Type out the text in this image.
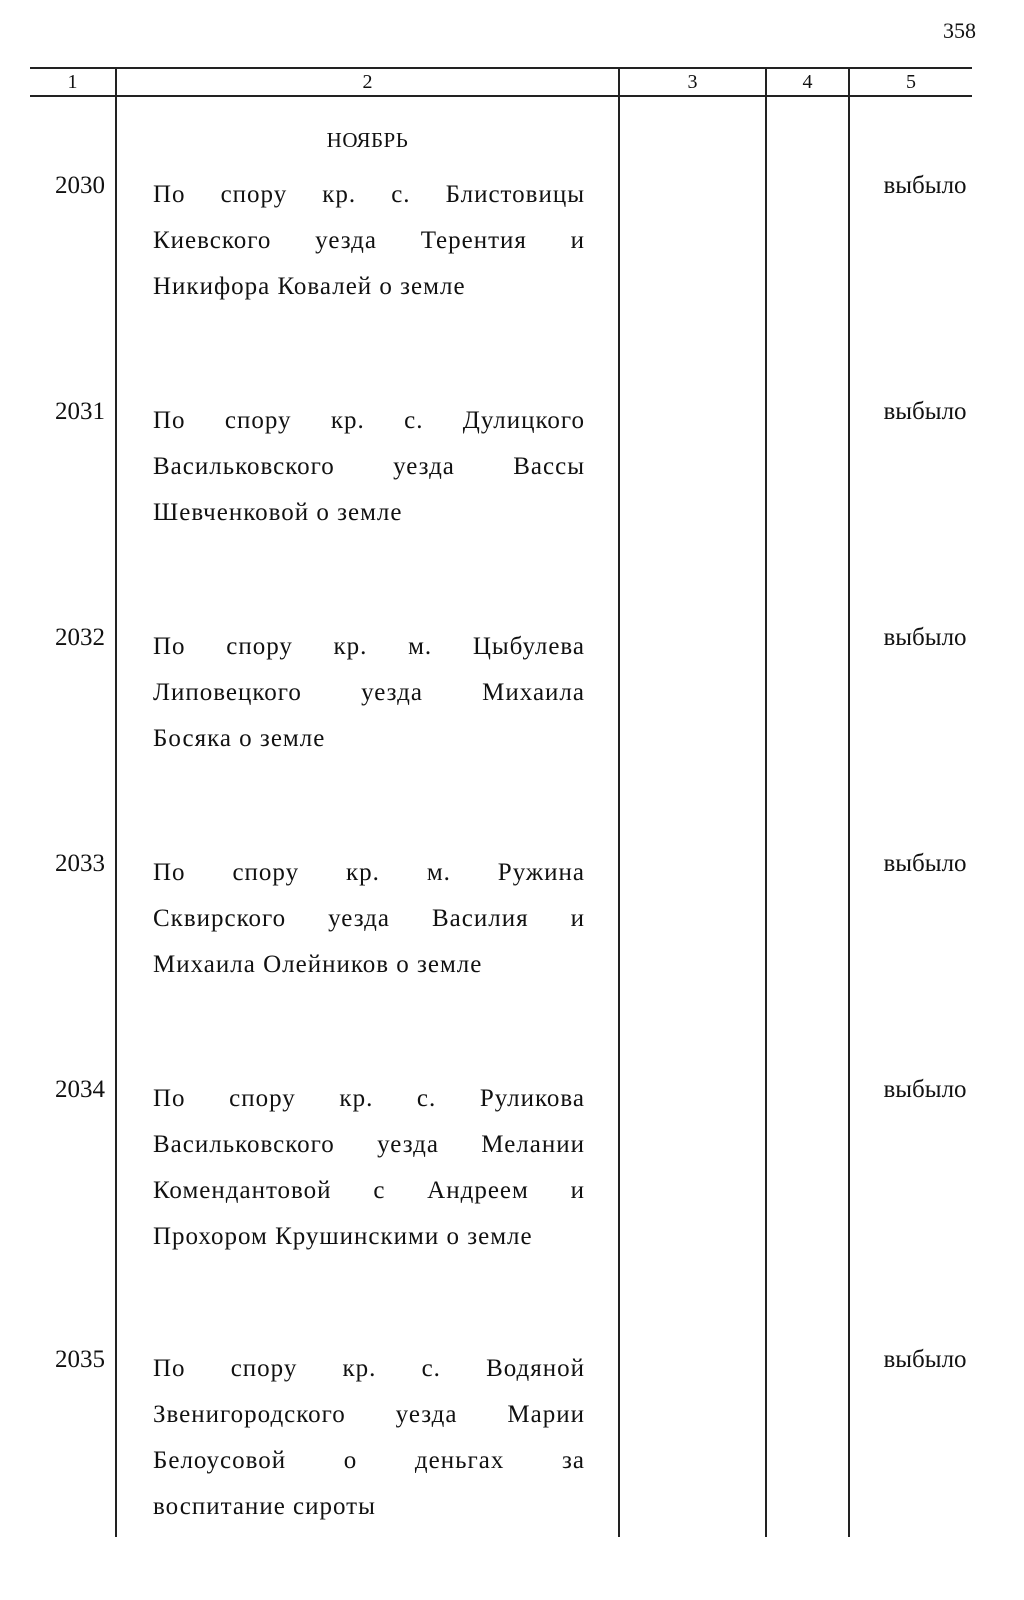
358
1	2	3	4	5
НОЯБРЬ
2030 По спору кр. с. Блистовицы
Киевского уезда Терентия и
Никифора Ковалей о земле
выбыло
2031 По спору кр. с. Дулицкого
Васильковского уезда Вассы
Шевченковой о земле
выбыло
2032 По спору кр. м. Цыбулева
Липовецкого уезда Михаила
Босяка о земле
выбыло
2033 По спору кр. м. Ружина
Сквирского уезда Василия и
Михаила Олейников о земле
выбыло
2034 По спору кр. с. Руликова
Васильковского уезда Мелании
Комендантовой с Андреем и
Прохором Крушинскими о земле
выбыло
2035 По спору кр. с. Водяной
Звенигородского уезда Марии
Белоусовой о деньгах за
воспитание сироты
выбыло
